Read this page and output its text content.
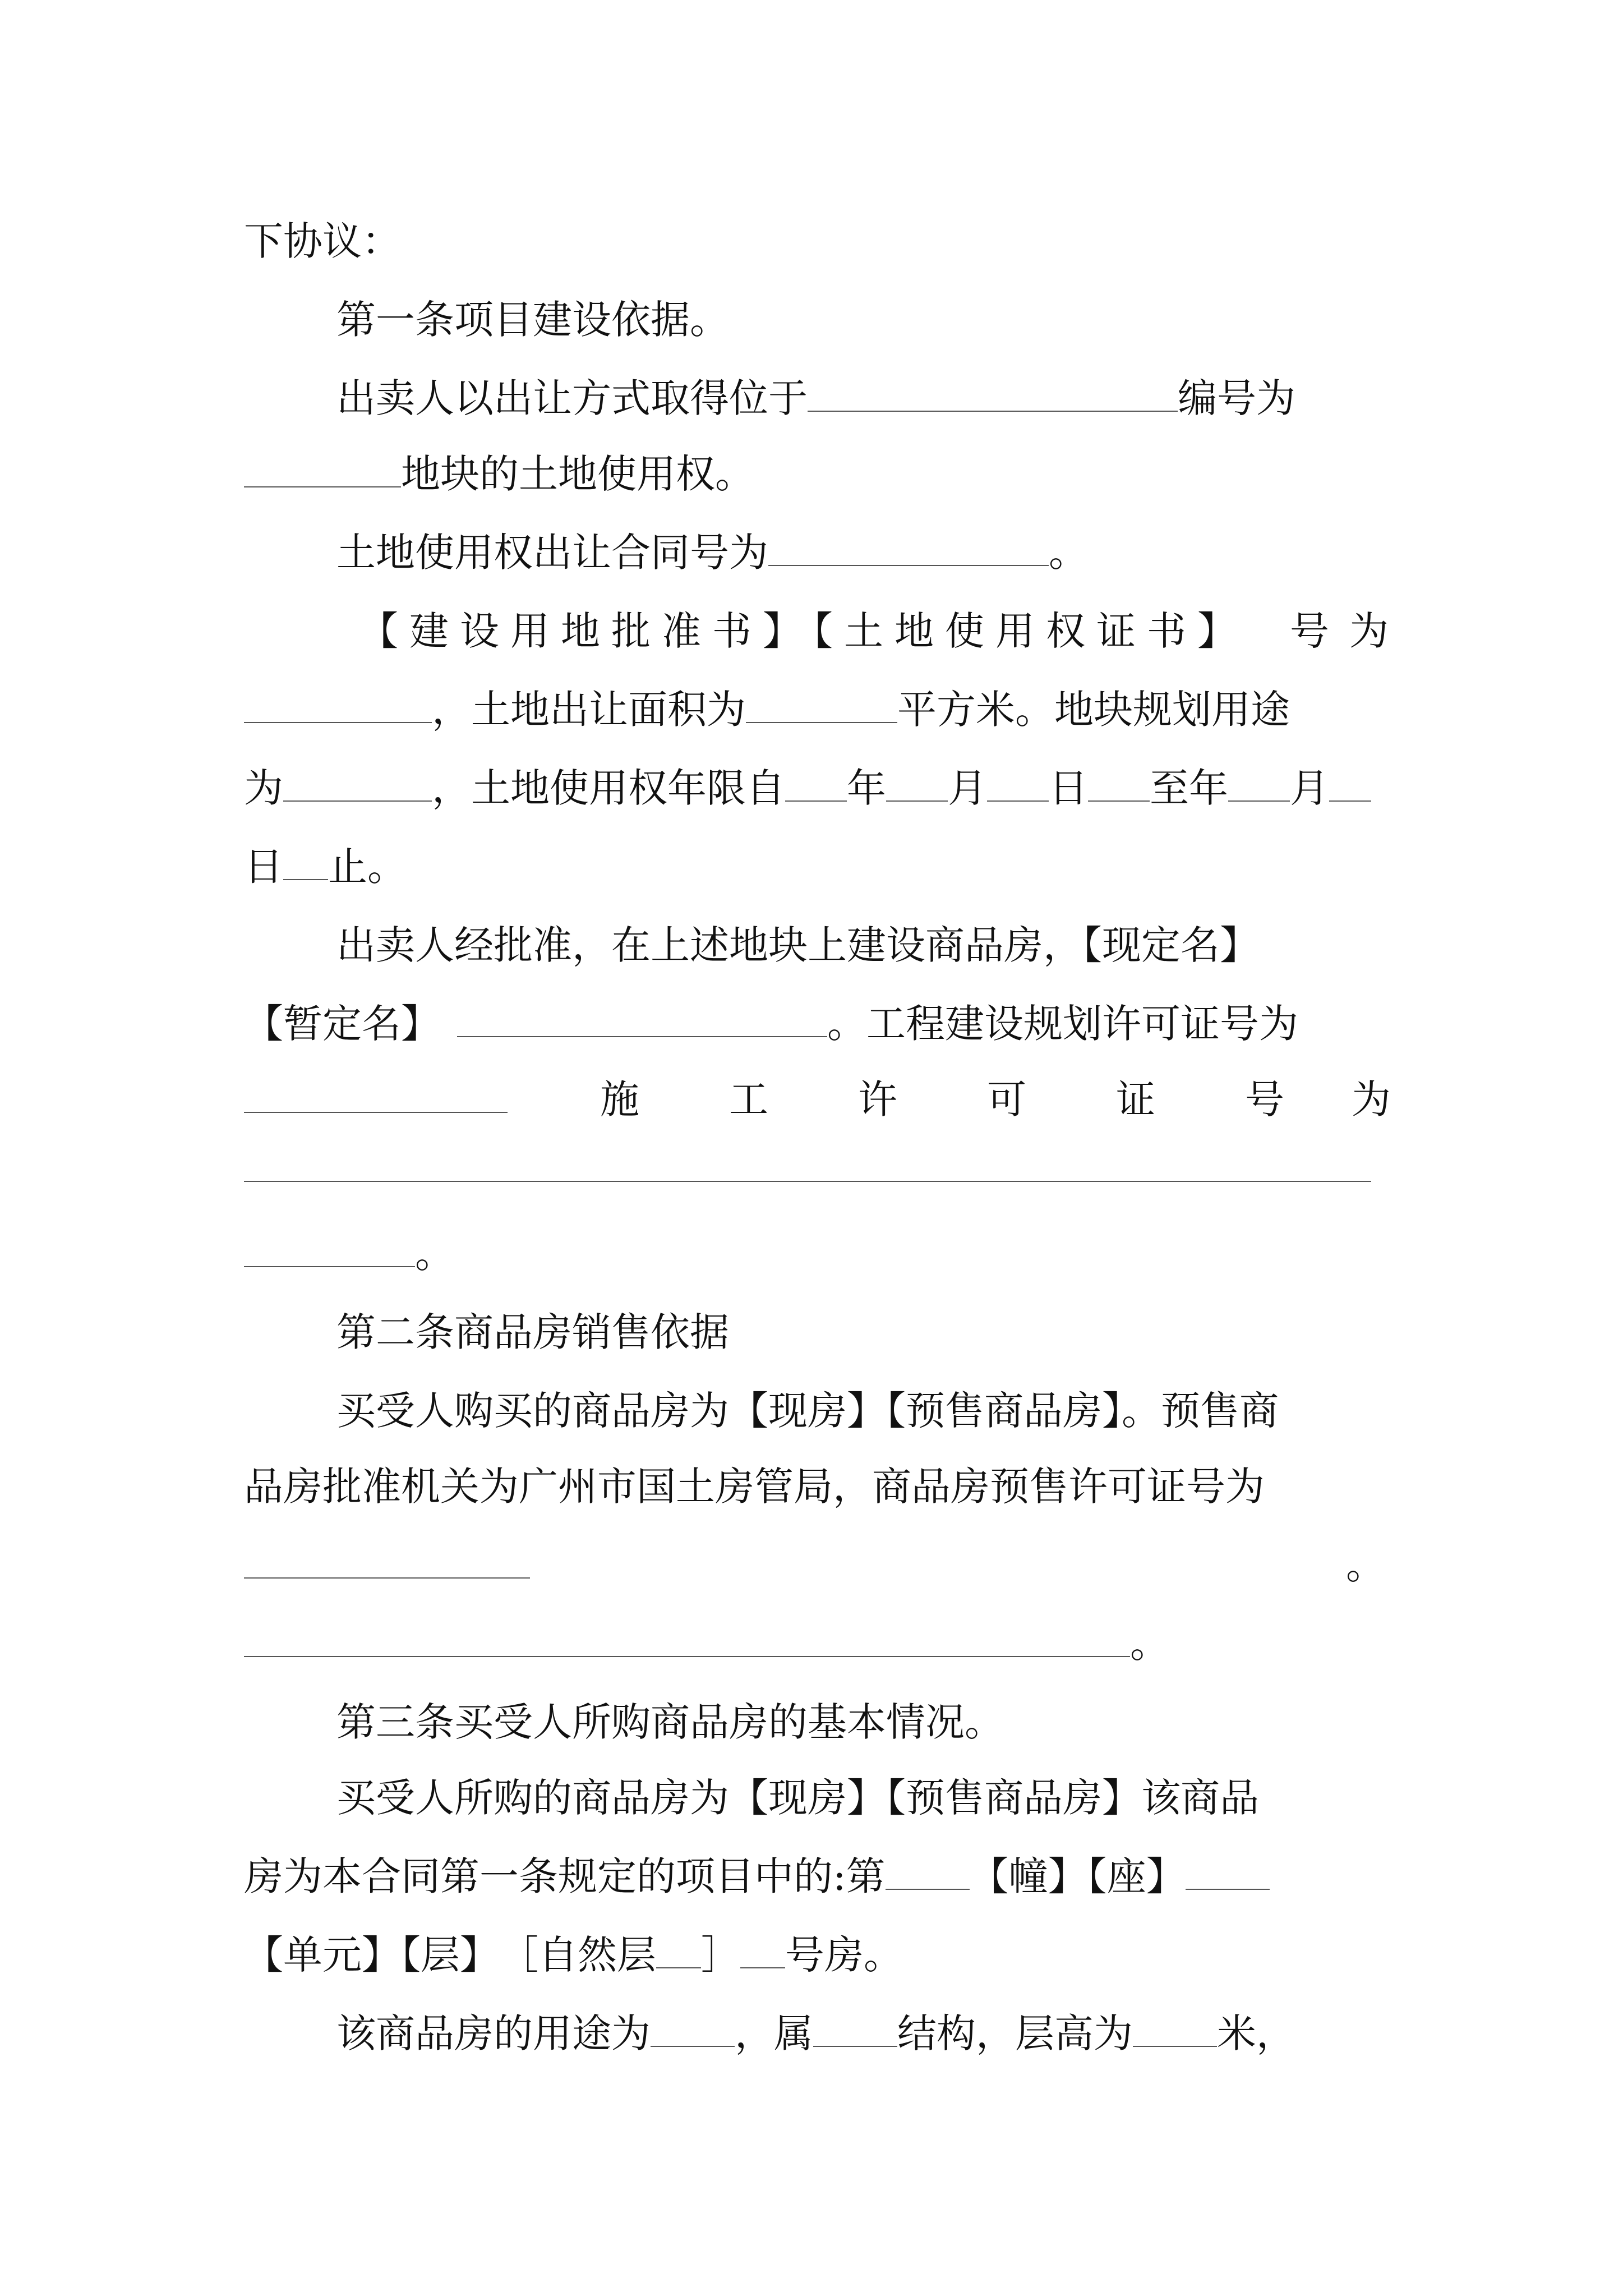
下协议：
第一条项目建设依据。
出卖人以出让方式取得位于	编号为
地块的土地使用权。
土地使用权出让合同号为	。
【建设用地批准书】【土地使用权证书】 号为
，土地出让面积为	平方米。地块规划用途
为	，土地使用权年限自 年 月 日 至年 月
日 止。
出卖人经批准，在上述地块上建设商品房，【现定名】
【暂定名】	。工程建设规划许可证号为
施 工 许 可 证 号 为
。
第二条商品房销售依据
买受人购买的商品房为【现房】【预售商品房】。预售商
品房批准机关为广州市国土房管局，商品房预售许可证号为
。
。
第三条买受人所购商品房的基本情况。
买受人所购的商品房为【现房】【预售商品房】该商品
房为本合同第一条规定的项目中的:第 【幢】【座】
【单元】【层】［自然层 ］ 号房。
该商品房的用途为 ，属 结构，层高为 米，
